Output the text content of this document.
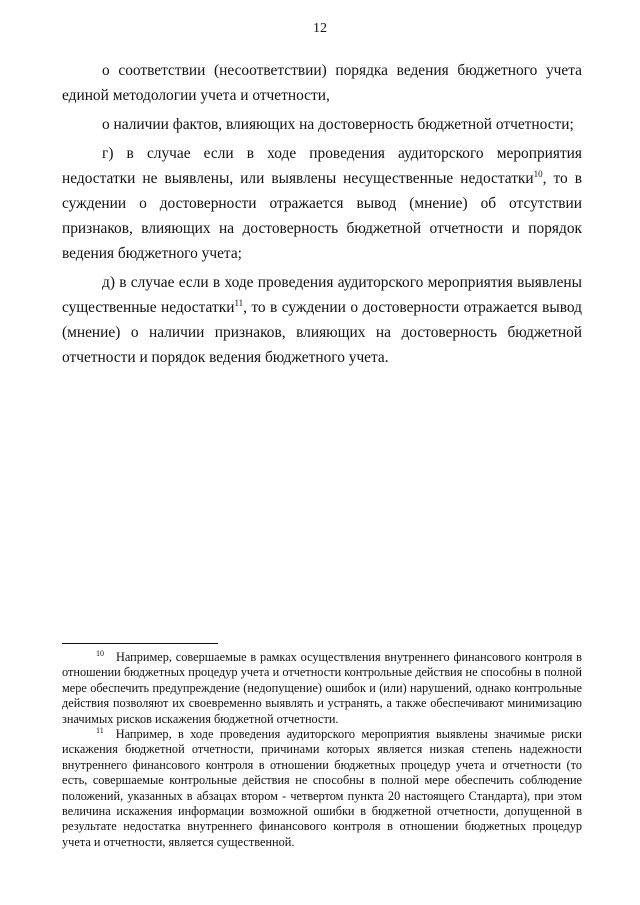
12

о соответствии (несоответствии) порядка ведения бюджетного учета единой методологии учета и отчетности,

о наличии фактов, влияющих на достоверность бюджетной отчетности;

г) в случае если в ходе проведения аудиторского мероприятия недостатки не выявлены, или выявлены несущественные недостатки$^{10}$, то в суждении о достоверности отражается вывод (мнение) об отсутствии признаков, влияющих на достоверность бюджетной отчетности и порядок ведения бюджетного учета;

д) в случае если в ходе проведения аудиторского мероприятия выявлены существенные недостатки$^{11}$, то в суждении о достоверности отражается вывод (мнение) о наличии признаков, влияющих на достоверность бюджетной отчетности и порядок ведения бюджетного учета.

$^{10}$ Например, совершаемые в рамках осуществления внутреннего финансового контроля в отношении бюджетных процедур учета и отчетности контрольные действия не способны в полной мере обеспечить предупреждение (недопущение) ошибок и (или) нарушений, однако контрольные действия позволяют их своевременно выявлять и устранять, а также обеспечивают минимизацию значимых рисков искажения бюджетной отчетности.

$^{11}$ Например, в ходе проведения аудиторского мероприятия выявлены значимые риски искажения бюджетной отчетности, причинами которых является низкая степень надежности внутреннего финансового контроля в отношении бюджетных процедур учета и отчетности (то есть, совершаемые контрольные действия не способны в полной мере обеспечить соблюдение положений, указанных в абзацах втором - четвертом пункта 20 настоящего Стандарта), при этом величина искажения информации возможной ошибки в бюджетной отчетности, допущенной в результате недостатка внутреннего финансового контроля в отношении бюджетных процедур учета и отчетности, является существенной.
